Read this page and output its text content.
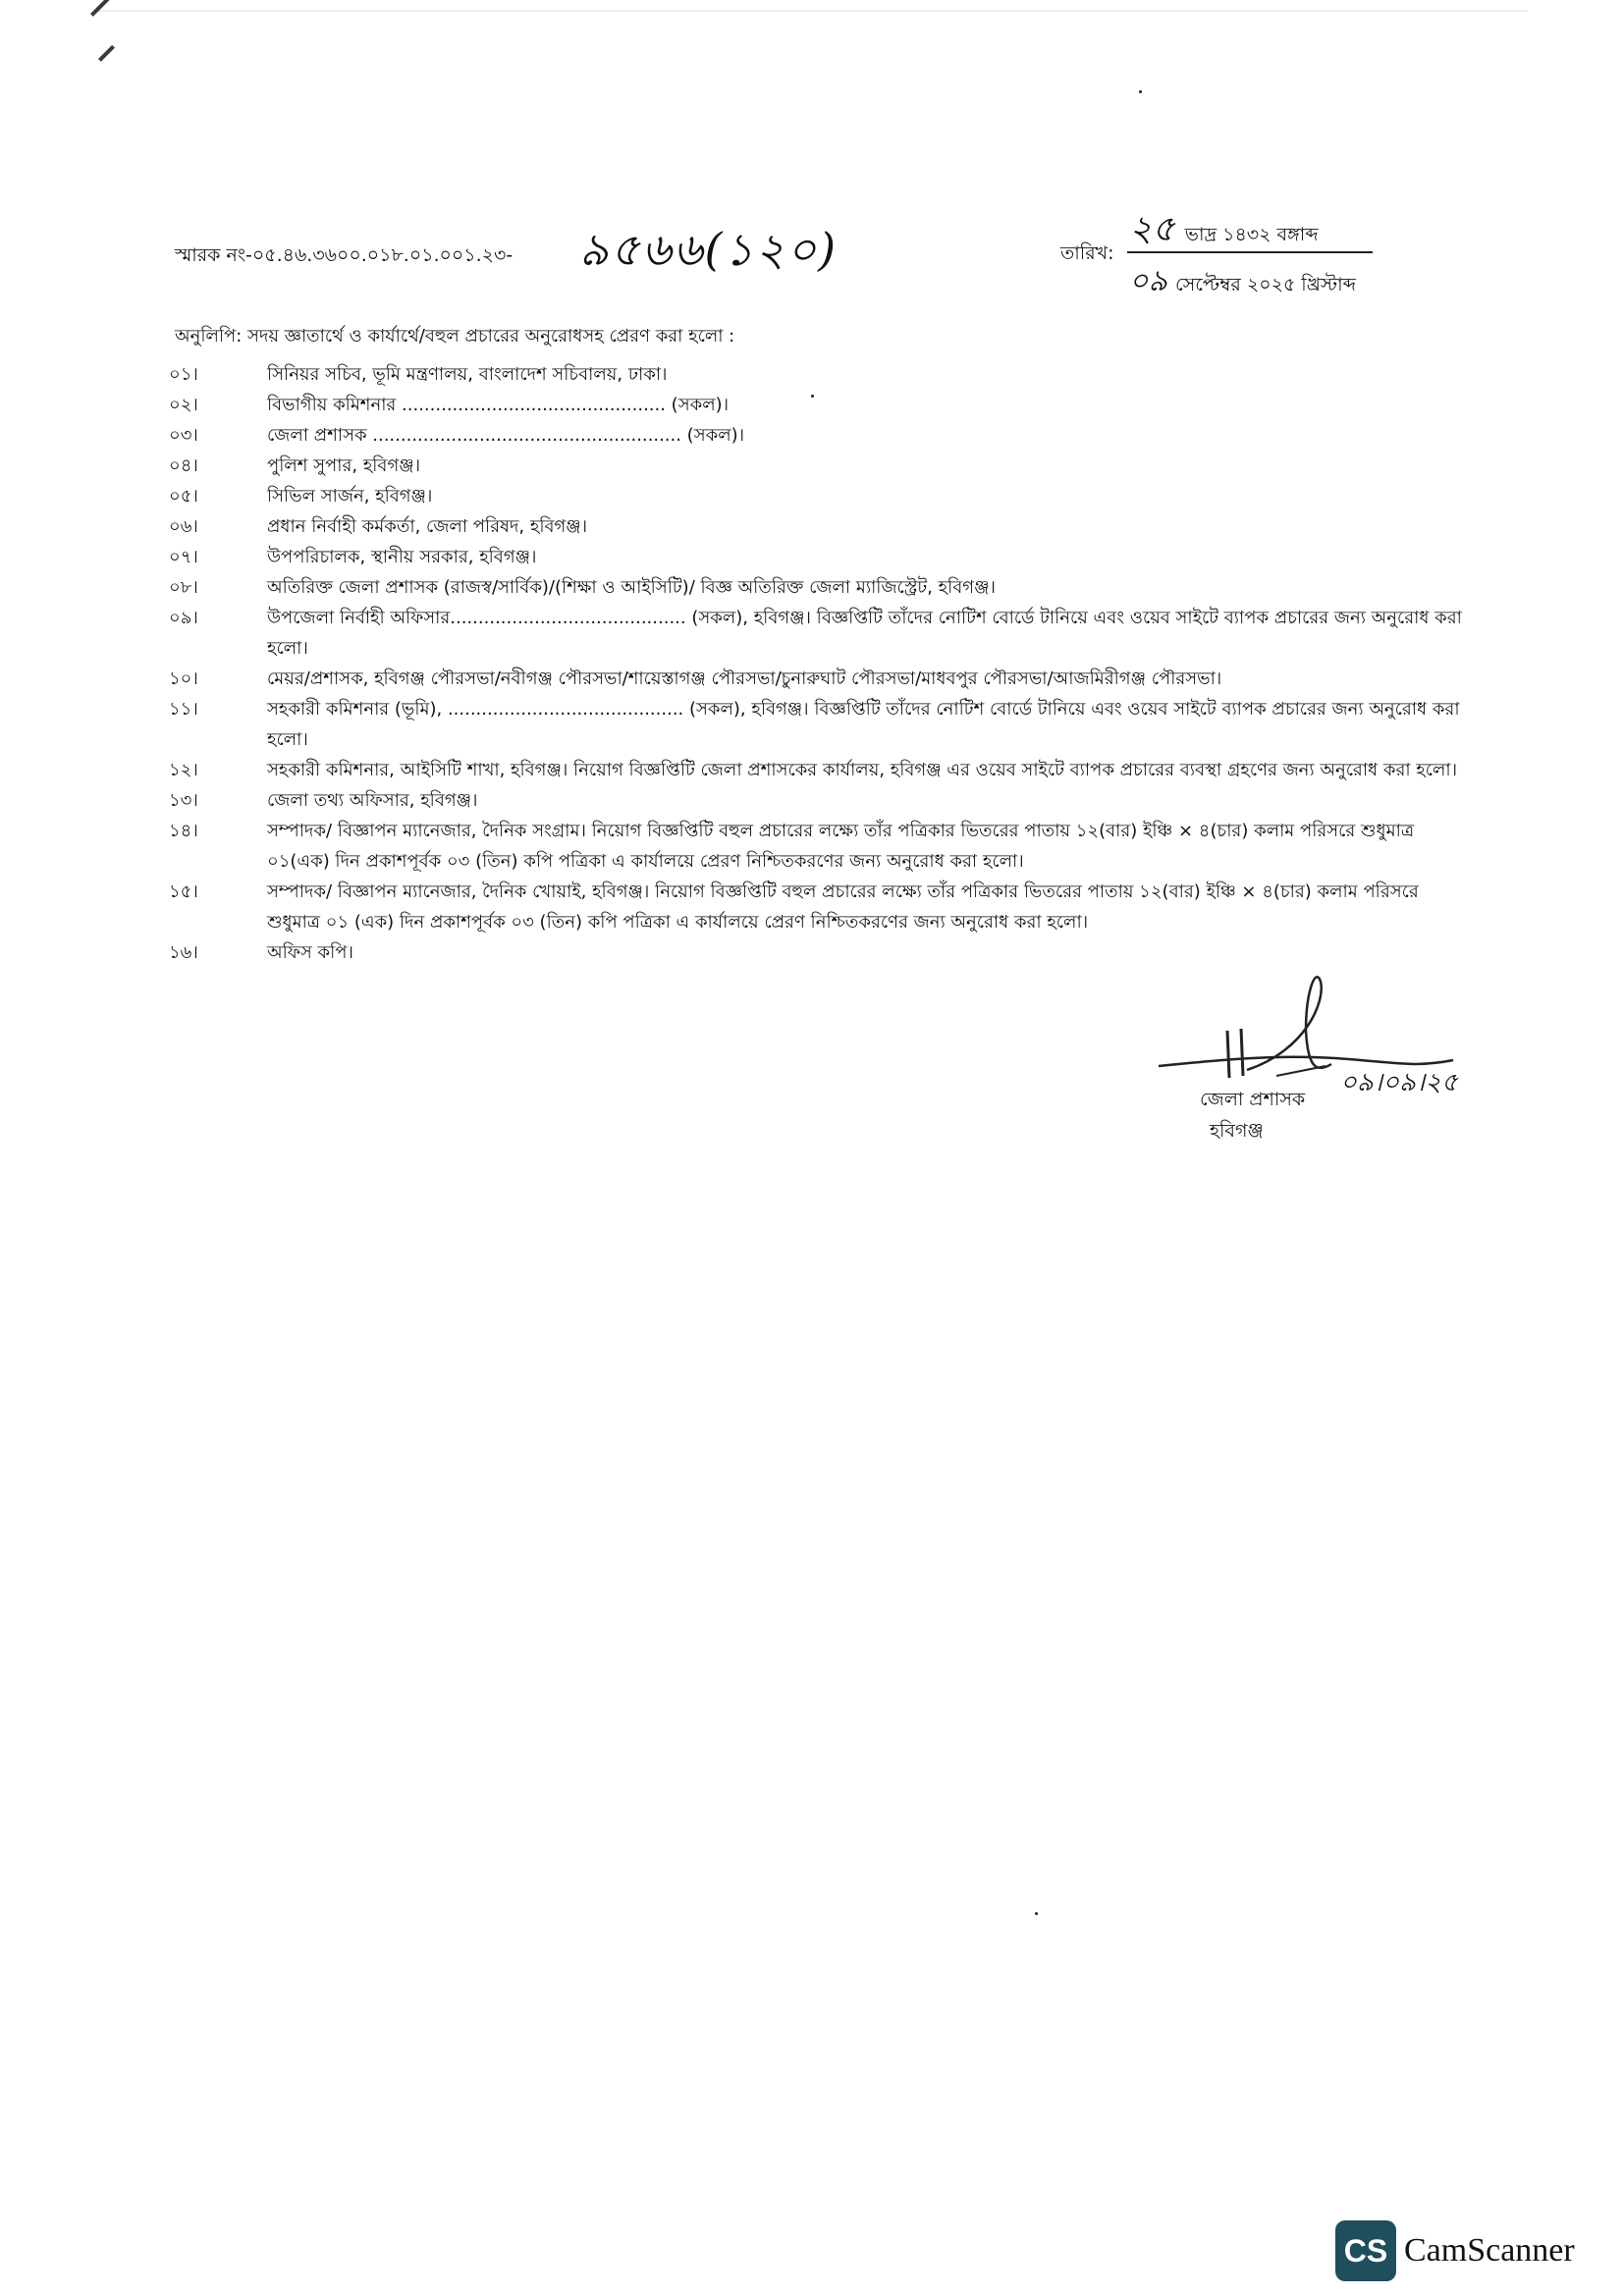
স্মারক নং-০৫.৪৬.৩৬০০.০১৮.০১.০০১.২৩- ৯৫৬৬(১২০)	তারিখ:
২৫ ভাদ্র ১৪৩২ বঙ্গাব্দ
০৯ সেপ্টেম্বর ২০২৫ খ্রিস্টাব্দ
অনুলিপি: সদয় জ্ঞাতার্থে ও কার্যার্থে/বহুল প্রচারের অনুরোধসহ প্রেরণ করা হলো :
০১।	সিনিয়র সচিব, ভূমি মন্ত্রণালয়, বাংলাদেশ সচিবালয়, ঢাকা।
০২।	বিভাগীয় কমিশনার ............................................... (সকল)।
০৩।	জেলা প্রশাসক ....................................................... (সকল)।
০৪।	পুলিশ সুপার, হবিগঞ্জ।
০৫।	সিভিল সার্জন, হবিগঞ্জ।
০৬।	প্রধান নির্বাহী কর্মকর্তা, জেলা পরিষদ, হবিগঞ্জ।
০৭।	উপপরিচালক, স্থানীয় সরকার, হবিগঞ্জ।
০৮।	অতিরিক্ত জেলা প্রশাসক (রাজস্ব/সার্বিক)/(শিক্ষা ও আইসিটি)/ বিজ্ঞ অতিরিক্ত জেলা ম্যাজিস্ট্রেট, হবিগঞ্জ।
০৯।	উপজেলা নির্বাহী অফিসার.......................................... (সকল), হবিগঞ্জ। বিজ্ঞপ্তিটি তাঁদের নোটিশ বোর্ডে টানিয়ে এবং ওয়েব সাইটে ব্যাপক প্রচারের জন্য অনুরোধ করা হলো।
১০।	মেয়র/প্রশাসক, হবিগঞ্জ পৌরসভা/নবীগঞ্জ পৌরসভা/শায়েস্তাগঞ্জ পৌরসভা/চুনারুঘাট পৌরসভা/মাধবপুর পৌরসভা/আজমিরীগঞ্জ পৌরসভা।
১১।	সহকারী কমিশনার (ভূমি), .......................................... (সকল), হবিগঞ্জ। বিজ্ঞপ্তিটি তাঁদের নোটিশ বোর্ডে টানিয়ে এবং ওয়েব সাইটে ব্যাপক প্রচারের জন্য অনুরোধ করা হলো।
১২।	সহকারী কমিশনার, আইসিটি শাখা, হবিগঞ্জ। নিয়োগ বিজ্ঞপ্তিটি জেলা প্রশাসকের কার্যালয়, হবিগঞ্জ এর ওয়েব সাইটে ব্যাপক প্রচারের ব্যবস্থা গ্রহণের জন্য অনুরোধ করা হলো।
১৩।	জেলা তথ্য অফিসার, হবিগঞ্জ।
১৪।	সম্পাদক/ বিজ্ঞাপন ম্যানেজার, দৈনিক সংগ্রাম। নিয়োগ বিজ্ঞপ্তিটি বহুল প্রচারের লক্ষ্যে তাঁর পত্রিকার ভিতরের পাতায় ১২(বার) ইঞ্চি × ৪(চার) কলাম পরিসরে শুধুমাত্র ০১(এক) দিন প্রকাশপূর্বক ০৩ (তিন) কপি পত্রিকা এ কার্যালয়ে প্রেরণ নিশ্চিতকরণের জন্য অনুরোধ করা হলো।
১৫।	সম্পাদক/ বিজ্ঞাপন ম্যানেজার, দৈনিক খোয়াই, হবিগঞ্জ। নিয়োগ বিজ্ঞপ্তিটি বহুল প্রচারের লক্ষ্যে তাঁর পত্রিকার ভিতরের পাতায় ১২(বার) ইঞ্চি × ৪(চার) কলাম পরিসরে শুধুমাত্র ০১ (এক) দিন প্রকাশপূর্বক ০৩ (তিন) কপি পত্রিকা এ কার্যালয়ে প্রেরণ নিশ্চিতকরণের জন্য অনুরোধ করা হলো।
১৬।	অফিস কপি।
০৯।০৯।২৫
জেলা প্রশাসক
হবিগঞ্জ
CS CamScanner
